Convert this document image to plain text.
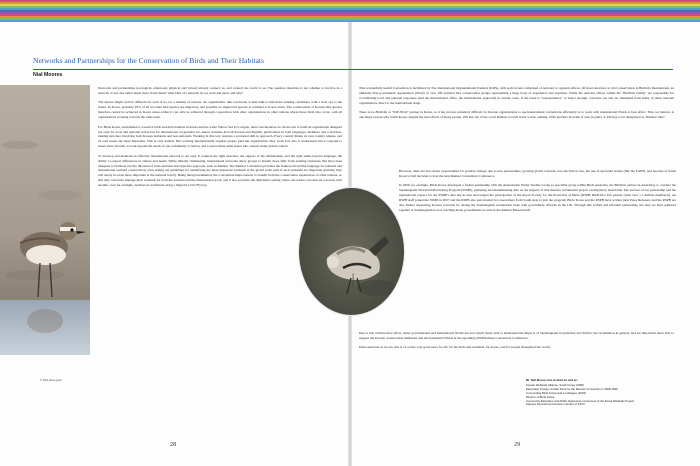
Networks and Partnerships for the Conservation of Birds and Their Habitats
Nial Moores
© NNL Renegetin

Networks and partnerships (ecological, emotional, physical and virtual) already connect us, and connect the world to us. The question therefore is not whether to involve in a network or not, but rather much more in the detail: what kind of a network do we want and need, and why?

The answer might well be different for each of us, for a number of reasons. An organization, like a network, is best built to match the existing conditions, with a clear eye to the future. In Korea, probably 95% of all recorded bird species are migratory, and possibly no single bird species is confined to Korea alone. The conservation of Korean bird species therefore cannot be achieved in Korea alone–rather it can only be achieved through cooperation with other organizations in other nations where these birds also occur, with all organizations working towards the same ends.

For Birds Korea, established to conserve birds and their habitats in Korea and the wider Yellow Sea Eco-region, there was therefore no choice but to build an organization designed not only for local and national action but for international cooperation too–hence websites in both Korean and English, publications in both languages, members and a decision-making structure involving both Korean nationals and non-nationals. Working in this way requires a profound shift in approach. Every country thinks its own country unique, and its own issues the most important. This is only natural. But working internationally requires people (and the organizations they work for) also to understand and to respond to issues more broadly–to look beyond the needs of one community or nation, and to place these same issues into a much wider global context.

To develop and maintain an effective international network is not easy. It requires the right structure, the support of the membership, and the right skills–beyond language, the ability to respect differences in culture and needs. While initially challenging, international networks allow groups to benefit more fully from existing structures that have been designed to facilitate exactly this kind of trans-national and objective approach, such as Ramsar. The Ramsar Convention provides the framework and the language for national and international wetland conservation, even setting out guidelines for identifying the most important wetlands at the global scale (and if such wetlands are important globally, they will surely be even more important at the national level!). Being intergovernmental, the Convention helps nations to benefit from the conservation experiences of other nations, so that they can better manage their wetlands for both the national and the international good; and it also provides the diplomatic setting where one nation can raise its concerns with another, over for example, declines in waterbirds along a migratory bird Flyway.

This wonderfully useful Convention is facilitated by five International Organizational Partners (IOPs), with each in turn comprised of national or regional offices. Of most relevance to bird conservation is BirdLife International, an umbrella Non-government organization (NGO) of over 100 national bird conservation groups representing a huge body of experience and expertise. While the national offices within the "BirdLife family" are responsible for coordinating local and national responses (and the International office, the international approach) in certain cases, if the issue is "representative" or major enough, concerns can also be channeled from many of these national organizations direct to the international stage.

There is no BirdLife or "IOP-NGO" partner in Korea, so it has proven extremely difficult for Korean organizations to use international conventions efficiently or to work with international NGOs to best effect. This, we believe, is one major reason why South Korea, despite the best efforts of many people, still has one of the worst Ramsar records in the world, ranking 135th globally in terms of area (a paltry 4, 450 ha) so far designated as "Ramsar sites".

However, there are now major opportunities for positive change, due to new partnerships, growing global concerns over the Yellow Sea, the rise of specialist bodies (like the EAFP), and because of South Korea's bold decision to host the next Ramsar Convention Conference.

In 2006, for example, Birds Korea developed a formal partnership with the Australasian Wader Studies Group (a specialist group within Birds Australia, the BirdLife partner in Australia), to conduct the Saemangeum Shorebird Monitoring Program (SSMP), gathering and disseminating data on the impacts of this massive reclamation project on migratory shorebirds. The success of our partnership and the international respect for the SSMP's data has in turn encouraged the participation of the Royal Society for the Protection of Birds (RSPB; BirdLife's UK partner (with over 1.1 million members)). An RSPB staff joined the SSMP in 2007 and the RSPB also part-funded two researchers from South Asia to join the program; Birds Korea and the RSPB have written joint Press Releases; and the RSPB are also further supporting Korean concerns by raising the Saemangeum reclamation issue with government officials in the UK. Through this formal and informal partnership, the data we have gathered together at Saemangeum is now reaching many governments as well as the Ramsar Bureau itself.

Due to this collaborative effort, many governmental and International NGOs are now much better able to understand the impacts of Saemangeum in particular and Yellow Sea reclamation in general, and are thus much more able to support the Korean conservation ministries and environmental NGOs at the upcoming 2008 Ramsar Convention Conference.

Interconnected as we are, this is of course very good news for all: for the birds and wetlands, for Korea, and for people throughout the world.

© Shorebirds
Mr. Nial Moores has worked for and as :
Korean Wetlands Alliance, South Korea (1998)
East Asian Flyway Contact Point for the Ramsar Convention in 1998-1999
Co-founding Birds Korea and a colleague (2004)
Director of Birds Korea
Community Education and Public Awareness component of the Korea Wetlands Project
Species Survival Commission member of IUCN
28	29
